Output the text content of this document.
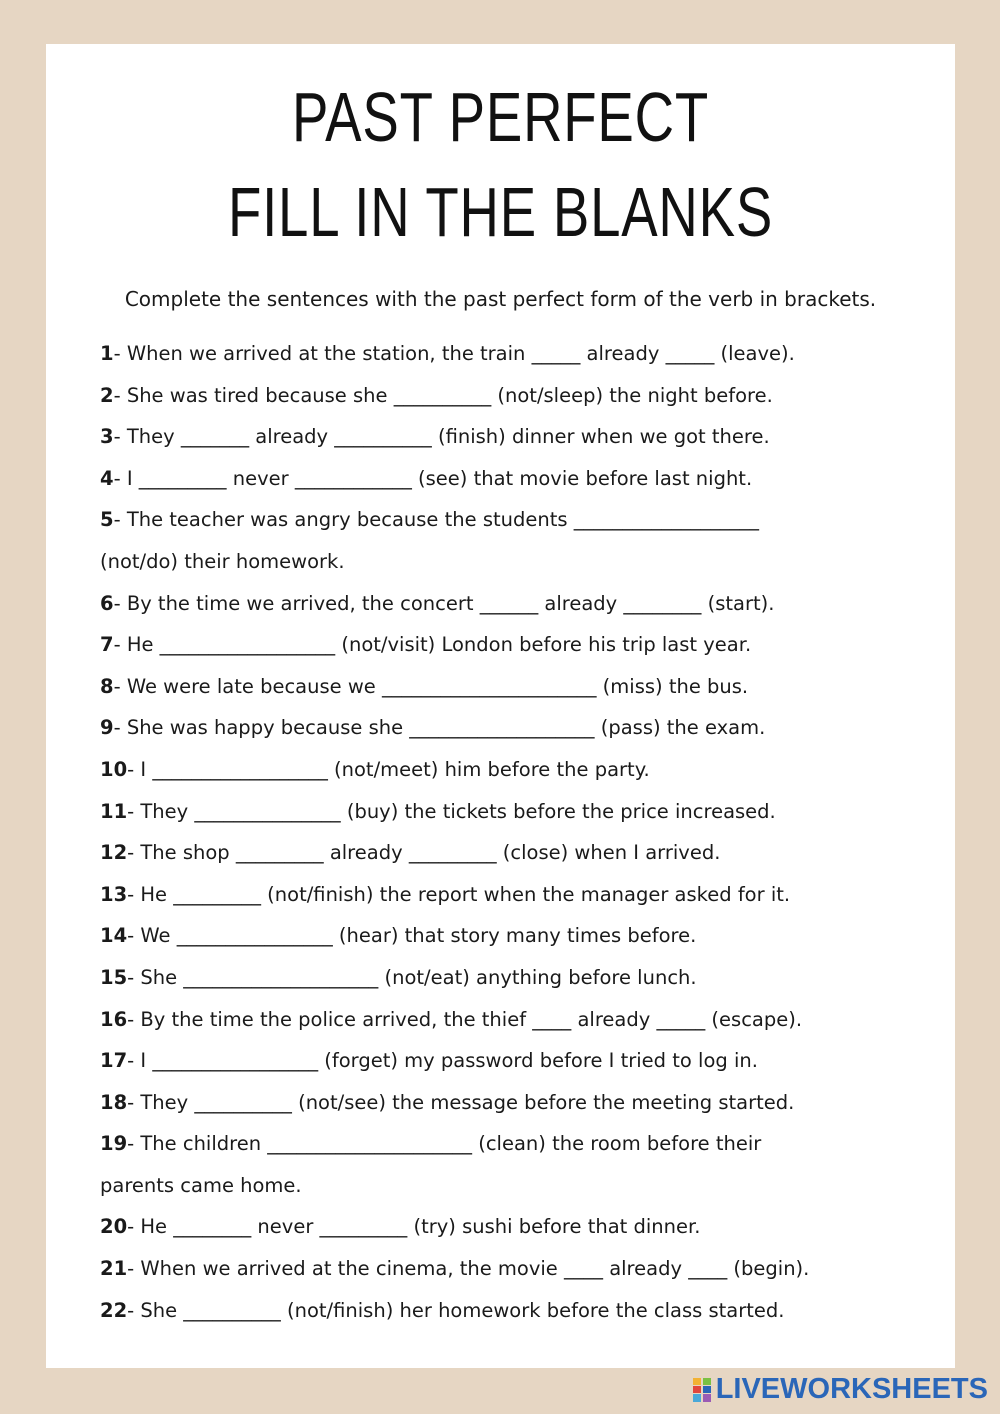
PAST PERFECT
FILL IN THE BLANKS
Complete the sentences with the past perfect form of the verb in brackets.
1- When we arrived at the station, the train _____ already _____ (leave).
2- She was tired because she __________ (not/sleep) the night before.
3- They _______ already __________ (finish) dinner when we got there.
4- I _________ never ____________ (see) that movie before last night.
5- The teacher was angry because the students ___________________
(not/do) their homework.
6- By the time we arrived, the concert ______ already ________ (start).
7- He __________________ (not/visit) London before his trip last year.
8- We were late because we ______________________ (miss) the bus.
9- She was happy because she ___________________ (pass) the exam.
10- I __________________ (not/meet) him before the party.
11- They _______________ (buy) the tickets before the price increased.
12- The shop _________ already _________ (close) when I arrived.
13- He _________ (not/finish) the report when the manager asked for it.
14- We ________________ (hear) that story many times before.
15- She ____________________ (not/eat) anything before lunch.
16- By the time the police arrived, the thief ____ already _____ (escape).
17- I _________________ (forget) my password before I tried to log in.
18- They __________ (not/see) the message before the meeting started.
19- The children _____________________ (clean) the room before their
parents came home.
20- He ________ never _________ (try) sushi before that dinner.
21- When we arrived at the cinema, the movie ____ already ____ (begin).
22- She __________ (not/finish) her homework before the class started.
LIVEWORKSHEETS
